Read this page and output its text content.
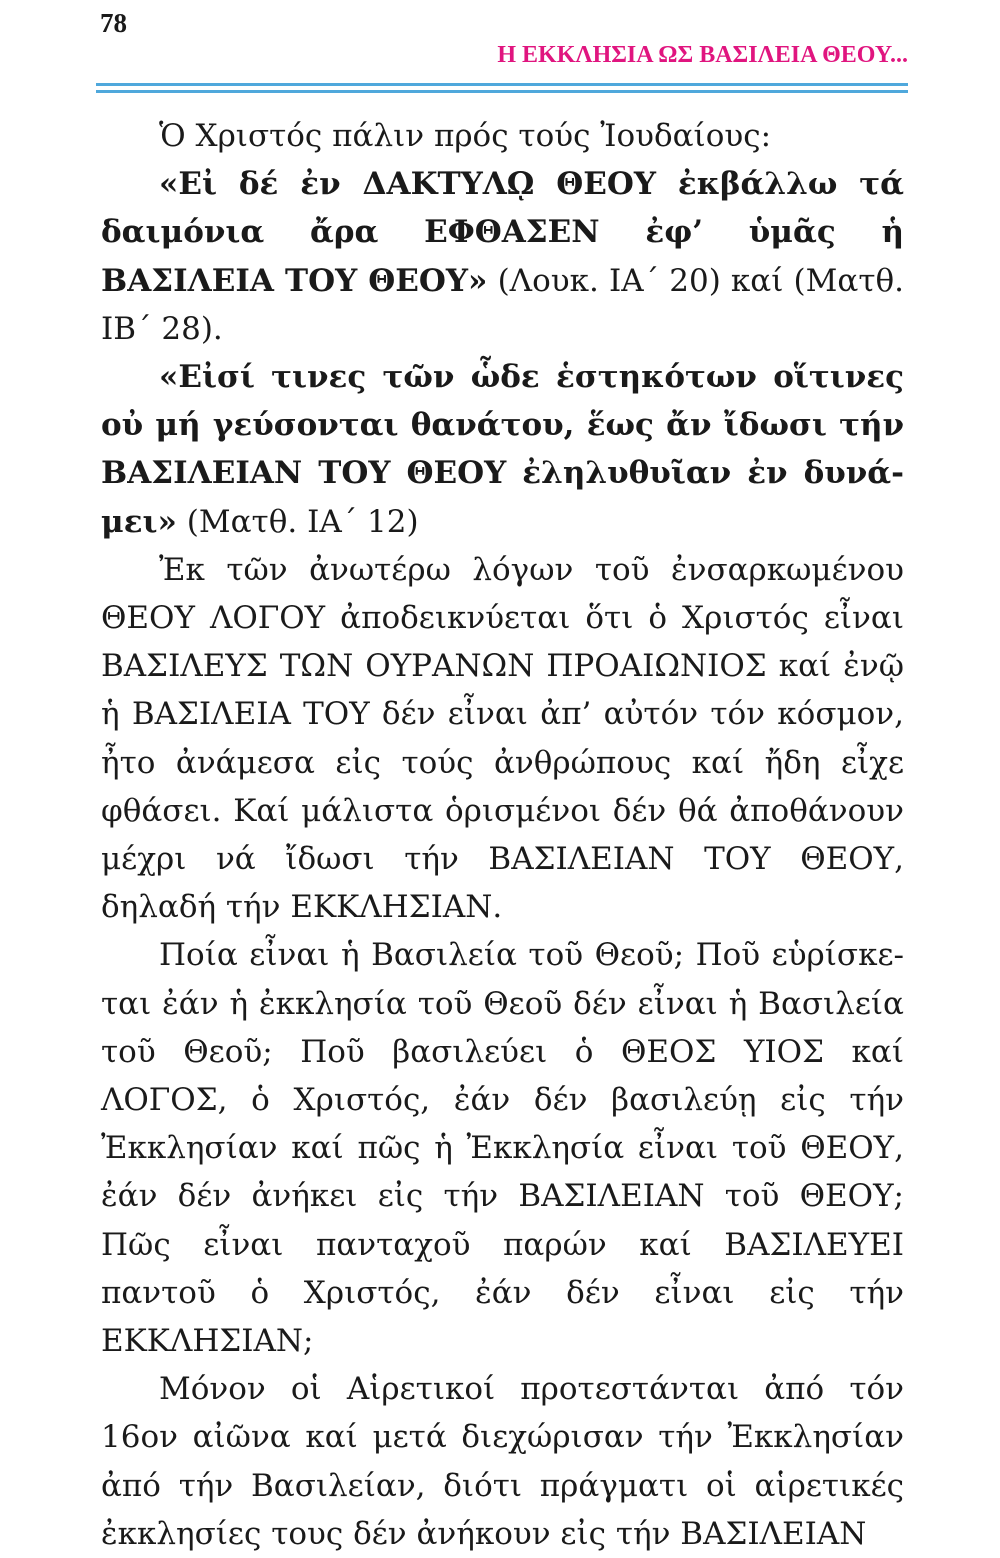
78
Η ΕΚΚΛΗΣΙΑ ΩΣ ΒΑΣΙΛΕΙΑ ΘΕΟΥ...

Ὁ Χριστός πάλιν πρός τούς Ἰουδαίους:

«Εἰ δέ ἐν ΔΑΚΤΥΛῼ ΘΕΟΥ ἐκβάλλω τά δαιμόνια ἄρα ΕΦΘΑΣΕΝ ἐφ’ ὑμᾶς ἡ ΒΑΣΙΛΕΙΑ ΤΟΥ ΘΕΟΥ» (Λουκ. ΙΑ΄ 20) καί (Ματθ. ΙΒ΄ 28).

«Εἰσί τινες τῶν ὧδε ἑστηκότων οἵτινες οὐ μή γεύσονται θανάτου, ἕως ἄν ἴδωσι τήν ΒΑΣΙΛΕΙΑΝ ΤΟΥ ΘΕΟΥ ἐληλυθυῖαν ἐν δυνάμει» (Ματθ. ΙΑ΄ 12)

Ἐκ τῶν ἀνωτέρω λόγων τοῦ ἐνσαρκωμένου ΘΕΟΥ ΛΟΓΟΥ ἀποδεικνύεται ὅτι ὁ Χριστός εἶναι ΒΑΣΙΛΕΥΣ ΤΩΝ ΟΥΡΑΝΩΝ ΠΡΟΑΙΩΝΙΟΣ καί ἐνῷ ἡ ΒΑΣΙΛΕΙΑ ΤΟΥ δέν εἶναι ἀπ’ αὐτόν τόν κόσμον, ἦτο ἀνάμεσα εἰς τούς ἀνθρώπους καί ἤδη εἶχε φθάσει. Καί μάλιστα ὁρισμένοι δέν θά ἀποθάνουν μέχρι νά ἴδωσι τήν ΒΑΣΙΛΕΙΑΝ ΤΟΥ ΘΕΟΥ, δηλαδή τήν ΕΚΚΛΗΣΙΑΝ.

Ποία εἶναι ἡ Βασιλεία τοῦ Θεοῦ; Ποῦ εὑρίσκεται ἐάν ἡ ἐκκλησία τοῦ Θεοῦ δέν εἶναι ἡ Βασιλεία τοῦ Θεοῦ; Ποῦ βασιλεύει ὁ ΘΕΟΣ ΥΙΟΣ καί ΛΟΓΟΣ, ὁ Χριστός, ἐάν δέν βασιλεύῃ εἰς τήν Ἐκκλησίαν καί πῶς ἡ Ἐκκλησία εἶναι τοῦ ΘΕΟΥ, ἐάν δέν ἀνήκει εἰς τήν ΒΑΣΙΛΕΙΑΝ τοῦ ΘΕΟΥ; Πῶς εἶναι πανταχοῦ παρών καί ΒΑΣΙΛΕΥΕΙ παντοῦ ὁ Χριστός, ἐάν δέν εἶναι εἰς τήν ΕΚΚΛΗΣΙΑΝ;

Μόνον οἱ Αἱρετικοί προτεστάνται ἀπό τόν 16ον αἰῶνα καί μετά διεχώρισαν τήν Ἐκκλησίαν ἀπό τήν Βασιλείαν, διότι πράγματι οἱ αἱρετικές ἐκκλησίες τους δέν ἀνήκουν εἰς τήν ΒΑΣΙΛΕΙΑΝ
